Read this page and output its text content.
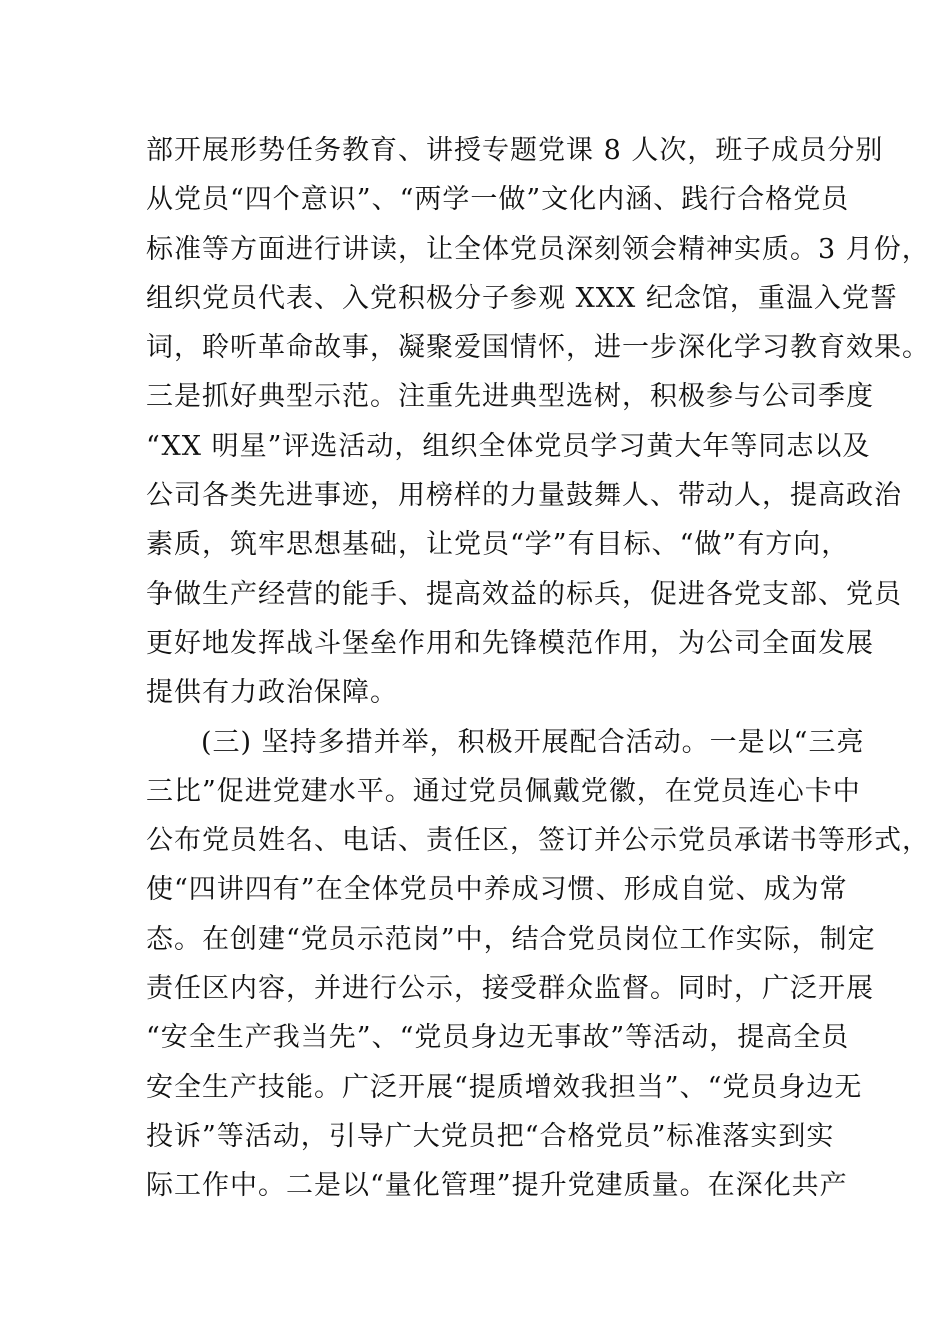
部开展形势任务教育、讲授专题党课 8 人次，班子成员分别
从党员“四个意识”、“两学一做”文化内涵、践行合格党员
标准等方面进行讲读，让全体党员深刻领会精神实质。3 月份，
组织党员代表、入党积极分子参观 XXX 纪念馆，重温入党誓
词，聆听革命故事，凝聚爱国情怀，进一步深化学习教育效果。
三是抓好典型示范。注重先进典型选树，积极参与公司季度
“XX 明星”评选活动，组织全体党员学习黄大年等同志以及
公司各类先进事迹，用榜样的力量鼓舞人、带动人，提高政治
素质，筑牢思想基础，让党员“学”有目标、“做”有方向，
争做生产经营的能手、提高效益的标兵，促进各党支部、党员
更好地发挥战斗堡垒作用和先锋模范作用，为公司全面发展
提供有力政治保障。
(三) 坚持多措并举，积极开展配合活动。一是以“三亮
三比”促进党建水平。通过党员佩戴党徽，在党员连心卡中
公布党员姓名、电话、责任区，签订并公示党员承诺书等形式，
使“四讲四有”在全体党员中养成习惯、形成自觉、成为常
态。在创建“党员示范岗”中，结合党员岗位工作实际，制定
责任区内容，并进行公示，接受群众监督。同时，广泛开展
“安全生产我当先”、“党员身边无事故”等活动，提高全员
安全生产技能。广泛开展“提质增效我担当”、“党员身边无
投诉”等活动，引导广大党员把“合格党员”标准落实到实
际工作中。二是以“量化管理”提升党建质量。在深化共产
